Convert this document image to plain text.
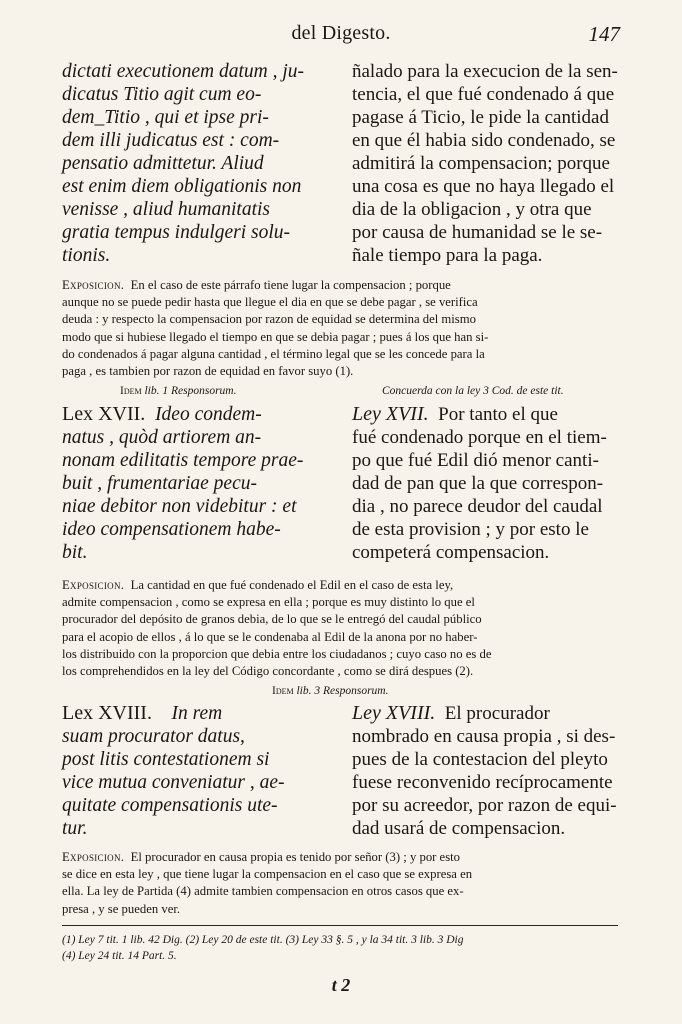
del Digesto.	147
dictati executionem datum , ju-
dicatus Titio agit cum eo-
dem_Titio , qui et ipse pri-
dem illi judicatus est : com-
pensatio admittetur. Aliud
est enim diem obligationis non
venisse , aliud humanitatis
gratia tempus indulgeri solu-
tionis.
ñalado para la execucion de la sen-
tencia, el que fué condenado á que
pagase á Ticio, le pide la cantidad
en que él habia sido condenado, se
admitirá la compensacion; porque
una cosa es que no haya llegado el
dia de la obligacion , y otra que
por causa de humanidad se le se-
ñale tiempo para la paga.
Exposicion. En el caso de este párrafo tiene lugar la compensacion ; porque
aunque no se puede pedir hasta que llegue el dia en que se debe pagar , se verifica
deuda : y respecto la compensacion por razon de equidad se determina del mismo
modo que si hubiese llegado el tiempo en que se debia pagar ; pues á los que han si-
do condenados á pagar alguna cantidad , el término legal que se les concede para la
paga , es tambien por razon de equidad en favor suyo (1).
Idem lib. 1 Responsorum.	Concuerda con la ley 3 Cod. de este tit.
Lex XVII. Ideo condem-
natus , quòd artiorem an-
nonam edilitatis tempore prae-
buit , frumentariae pecu-
niae debitor non videbitur : et
ideo compensationem habe-
bit.
Ley XVII. Por tanto el que
fué condenado porque en el tiem-
po que fué Edil dió menor canti-
dad de pan que la que correspon-
dia , no parece deudor del caudal
de esta provision ; y por esto le
competerá compensacion.
Exposicion. La cantidad en que fué condenado el Edil en el caso de esta ley,
admite compensacion , como se expresa en ella ; porque es muy distinto lo que el
procurador del depósito de granos debia, de lo que se le entregó del caudal público
para el acopio de ellos , á lo que se le condenaba al Edil de la anona por no haber-
los distribuido con la proporcion que debia entre los ciudadanos ; cuyo caso no es de
los comprehendidos en la ley del Código concordante , como se dirá despues (2).
Idem lib. 3 Responsorum.
Lex XVIII. In rem
suam procurator datus,
post litis contestationem si
vice mutua conveniatur , ae-
quitate compensationis ute-
tur.
Ley XVIII. El procurador
nombrado en causa propia , si des-
pues de la contestacion del pleyto
fuese reconvenido recíprocamente
por su acreedor, por razon de equi-
dad usará de compensacion.
Exposicion. El procurador en causa propia es tenido por señor (3) ; y por esto
se dice en esta ley , que tiene lugar la compensacion en el caso que se expresa en
ella. La ley de Partida (4) admite tambien compensacion en otros casos que ex-
presa , y se pueden ver.
(1) Ley 7 tit. 1 lib. 42 Dig. (2) Ley 20 de este tit. (3) Ley 33 §. 5 , y la 34 tit. 3 lib. 3 Dig
(4) Ley 24 tit. 14 Part. 5.
t 2
